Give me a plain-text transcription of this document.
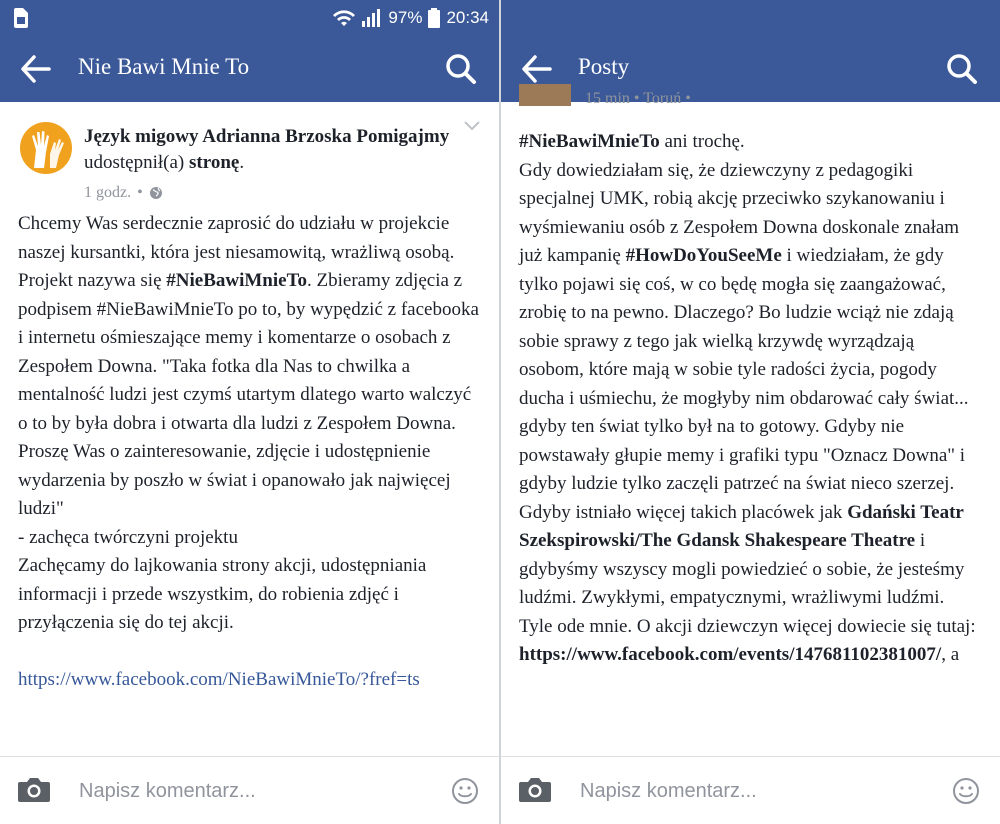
97% 20:34
Nie Bawi Mnie To
Język migowy Adrianna Brzoska Pomigajmy udostępnił(a) stronę.
1 godz. •

Chcemy Was serdecznie zaprosić do udziału w projekcie naszej kursantki, która jest niesamowitą, wrażliwą osobą. Projekt nazywa się #NieBawiMnieTo. Zbieramy zdjęcia z podpisem #NieBawiMnieTo po to, by wypędzić z facebooka i internetu ośmieszające memy i komentarze o osobach z Zespołem Downa. "Taka fotka dla Nas to chwilka a mentalność ludzi jest czymś utartym dlatego warto walczyć o to by była dobra i otwarta dla ludzi z Zespołem Downa. Proszę Was o zainteresowanie, zdjęcie i udostępnienie wydarzenia by poszło w świat i opanowało jak najwięcej ludzi"

- zachęca twórczyni projektu

Zachęcamy do lajkowania strony akcji, udostępniania informacji i przede wszystkim, do robienia zdjęć i przyłączenia się do tej akcji.

https://www.facebook.com/NieBawiMnieTo/?fref=ts
Napisz komentarz...
Posty
15 min • Toruń •

#NieBawiMnieTo ani trochę.

Gdy dowiedziałam się, że dziewczyny z pedagogiki specjalnej UMK, robią akcję przeciwko szykanowaniu i wyśmiewaniu osób z Zespołem Downa doskonale znałam już kampanię #HowDoYouSeeMe i wiedziałam, że gdy tylko pojawi się coś, w co będę mogła się zaangażować, zrobię to na pewno. Dlaczego? Bo ludzie wciąż nie zdają sobie sprawy z tego jak wielką krzywdę wyrządzają osobom, które mają w sobie tyle radości życia, pogody ducha i uśmiechu, że mogłyby nim obdarować cały świat... gdyby ten świat tylko był na to gotowy. Gdyby nie powstawały głupie memy i grafiki typu "Oznacz Downa" i gdyby ludzie tylko zaczęli patrzeć na świat nieco szerzej. Gdyby istniało więcej takich placówek jak Gdański Teatr Szekspirowski/The Gdansk Shakespeare Theatre i gdybyśmy wszyscy mogli powiedzieć o sobie, że jesteśmy ludźmi. Zwykłymi, empatycznymi, wrażliwymi ludźmi. Tyle ode mnie. O akcji dziewczyn więcej dowiecie się tutaj: https://www.facebook.com/events/147681102381007/, a

Napisz komentarz...
